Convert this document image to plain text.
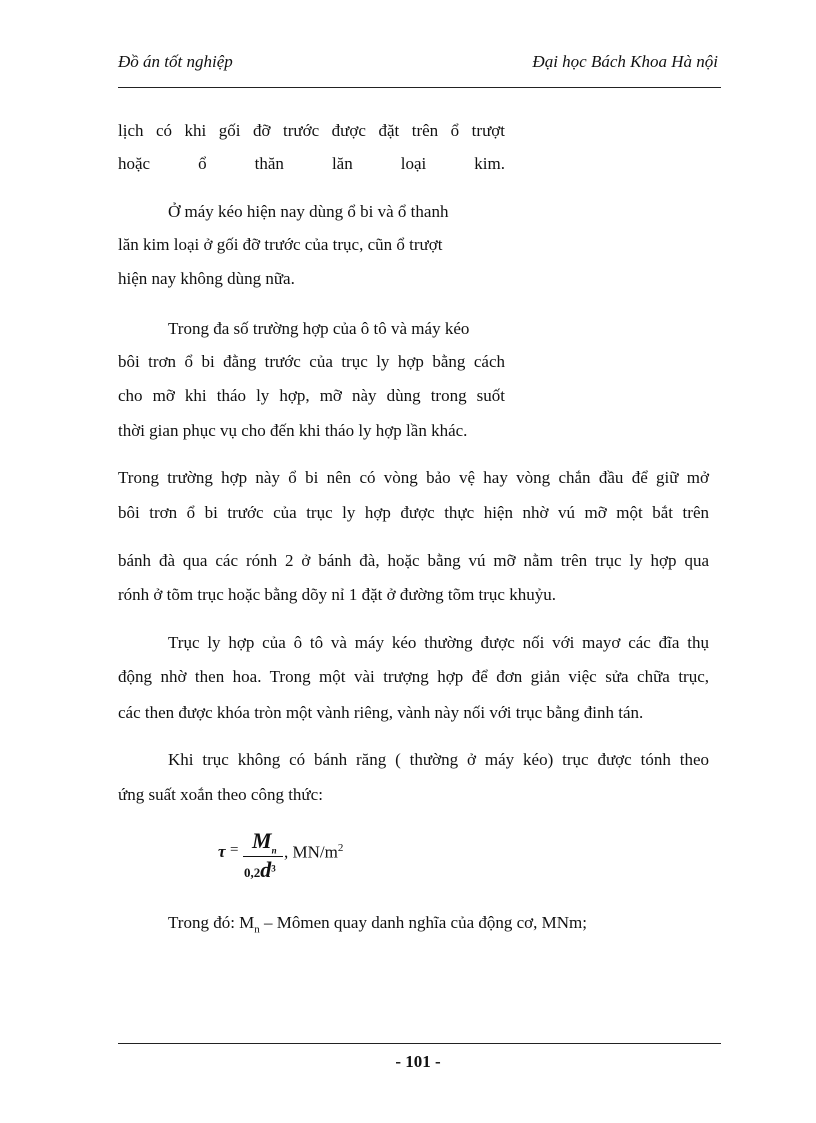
Đồ án tốt nghiệp	Đại học Bách Khoa Hà nội
lịch có khi gối đỡ trước được đặt trên ổ trượt
hoặc ổ thăn lăn loại kim.
Ở máy kéo hiện nay dùng ổ bi và ổ thanh
lăn kim loại ở gối đỡ trước của trục, cũn ổ trượt
hiện nay không dùng nữa.
Trong đa số trường hợp của ô tô và máy kéo
bôi trơn ổ bi đằng trước của trục ly hợp bằng cách
cho mỡ khi tháo ly hợp, mỡ này dùng trong suốt
thời gian phục vụ cho đến khi tháo ly hợp lần khác.
Trong trường hợp này ổ bi nên có vòng bảo vệ hay vòng chắn đầu để giữ mở
bôi trơn ổ bi trước của trục ly hợp được thực hiện nhờ vú mỡ một bắt trên
bánh đà qua các rónh 2 ở bánh đà, hoặc bằng vú mỡ nằm trên trục ly hợp qua
rónh ở tõm trục hoặc bằng dõy nỉ 1 đặt ở đường tõm trục khuỷu.
Trục ly hợp của ô tô và máy kéo thường được nối với mayơ các đĩa thụ
động nhờ then hoa. Trong một vài trượng hợp để đơn giản việc sửa chữa trục,
các then được khóa tròn một vành riêng, vành này nối với trục bằng đinh tán.
Khi trục không có bánh răng ( thường ở máy kéo) trục được tónh theo
ứng suất xoắn theo công thức:
$\tau = M_n$
$0,2d^3$
, $MN/m^2$
Trong đó: $M_n$ – Mômen quay danh nghĩa của động cơ, MNm;
- 101 -
